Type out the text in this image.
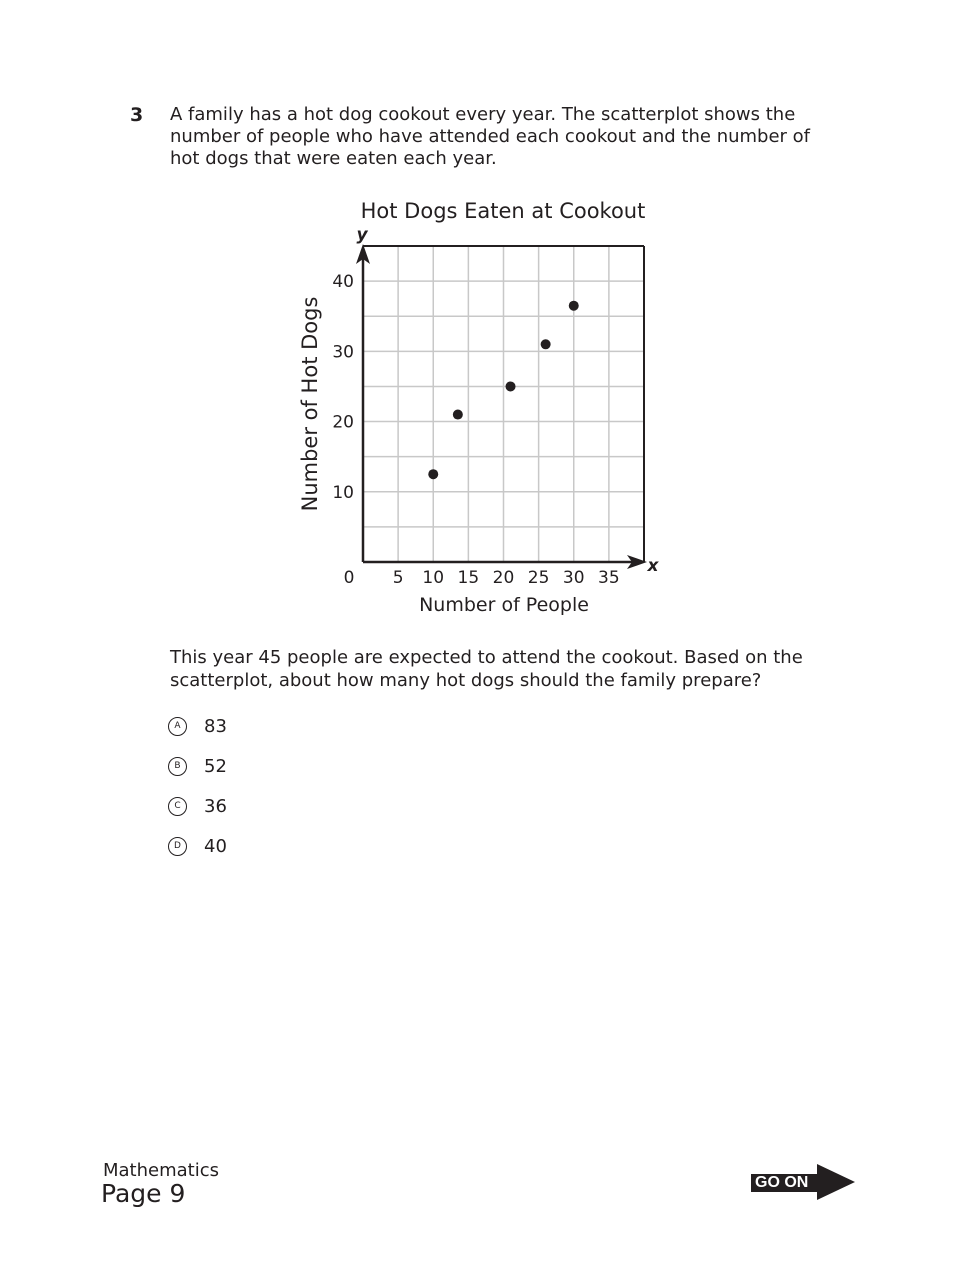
3 A family has a hot dog cookout every year. The scatterplot shows the
number of people who have attended each cookout and the number of
hot dogs that were eaten each year.
Hot Dogs Eaten at Cookout
Number of People
Number of Hot Dogs
y
x
0 5 10 15 20 25 30 35
10
20
30
40
This year 45 people are expected to attend the cookout. Based on the
scatterplot, about how many hot dogs should the family prepare?
A	83
B	52
C	36
D	40
Mathematics
Page 9	GO ON
